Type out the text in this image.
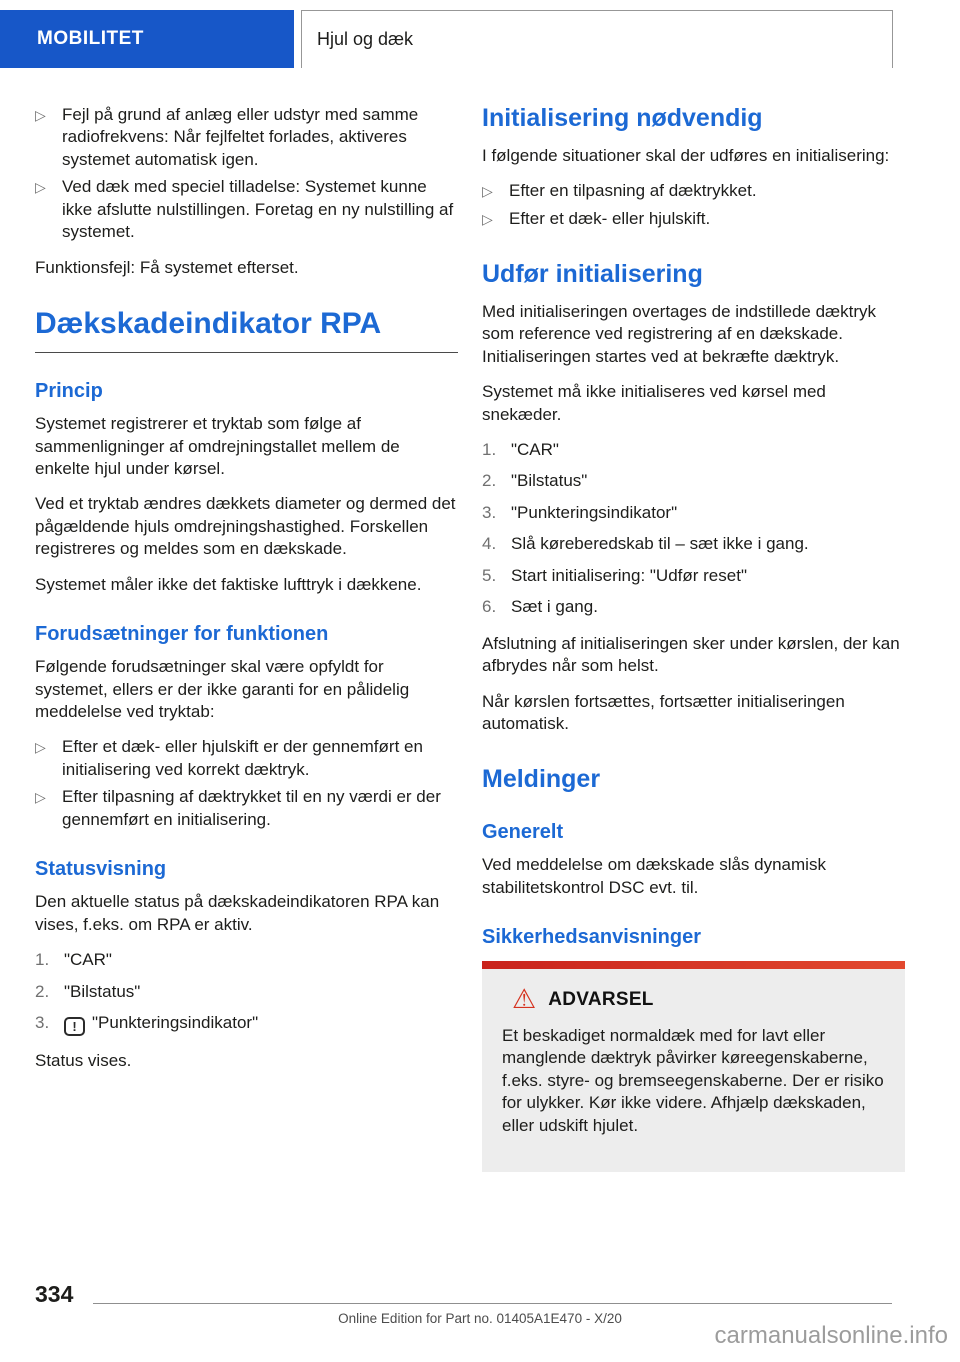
MOBILITET	Hjul og dæk
▷ Fejl på grund af anlæg eller udstyr med samme radiofrekvens: Når fejlfeltet forlades, aktiveres systemet automatisk igen.
▷ Ved dæk med speciel tilladelse: Systemet kunne ikke afslutte nulstillingen. Foretag en ny nulstilling af systemet.

Funktionsfejl: Få systemet efterset.

Dækskadeindikator RPA
Princip

Systemet registrerer et tryktab som følge af sammenligninger af omdrejningstallet mellem de enkelte hjul under kørsel.

Ved et tryktab ændres dækkets diameter og dermed det pågældende hjuls omdrejningshastighed. Forskellen registreres og meldes som en dækskade.

Systemet måler ikke det faktiske lufttryk i dækkene.

Forudsætninger for funktionen

Følgende forudsætninger skal være opfyldt for systemet, ellers er der ikke garanti for en pålidelig meddelelse ved tryktab:

▷ Efter et dæk- eller hjulskift er der gennemført en initialisering ved korrekt dæktryk.
▷ Efter tilpasning af dæktrykket til en ny værdi er der gennemført en initialisering.
Statusvisning

Den aktuelle status på dækskadeindikatoren RPA kan vises, f.eks. om RPA er aktiv.

"CAR"
"Bilstatus"
! "Punkteringsindikator"

Status vises.

Initialisering nødvendig

I følgende situationer skal der udføres en initialisering:

▷ Efter en tilpasning af dæktrykket.
▷ Efter et dæk- eller hjulskift.
Udfør initialisering

Med initialiseringen overtages de indstillede dæktryk som reference ved registrering af en dækskade. Initialiseringen startes ved at bekræfte dæktryk.

Systemet må ikke initialiseres ved kørsel med snekæder.

"CAR"
"Bilstatus"
"Punkteringsindikator"
Slå køreberedskab til – sæt ikke i gang.
Start initialisering: "Udfør reset"
Sæt i gang.

Afslutning af initialiseringen sker under kørslen, der kan afbrydes når som helst.

Når kørslen fortsættes, fortsætter initialiseringen automatisk.

Meldinger
Generelt

Ved meddelelse om dækskade slås dynamisk stabilitetskontrol DSC evt. til.

Sikkerhedsanvisninger
⚠ ADVARSEL

Et beskadiget normaldæk med for lavt eller manglende dæktryk påvirker køreegenskaberne, f.eks. styre- og bremseegenskaberne. Der er risiko for ulykker. Kør ikke videre. Afhjælp dækskaden, eller udskift hjulet.

334
Online Edition for Part no. 01405A1E470 - X/20
carmanualsonline.info
